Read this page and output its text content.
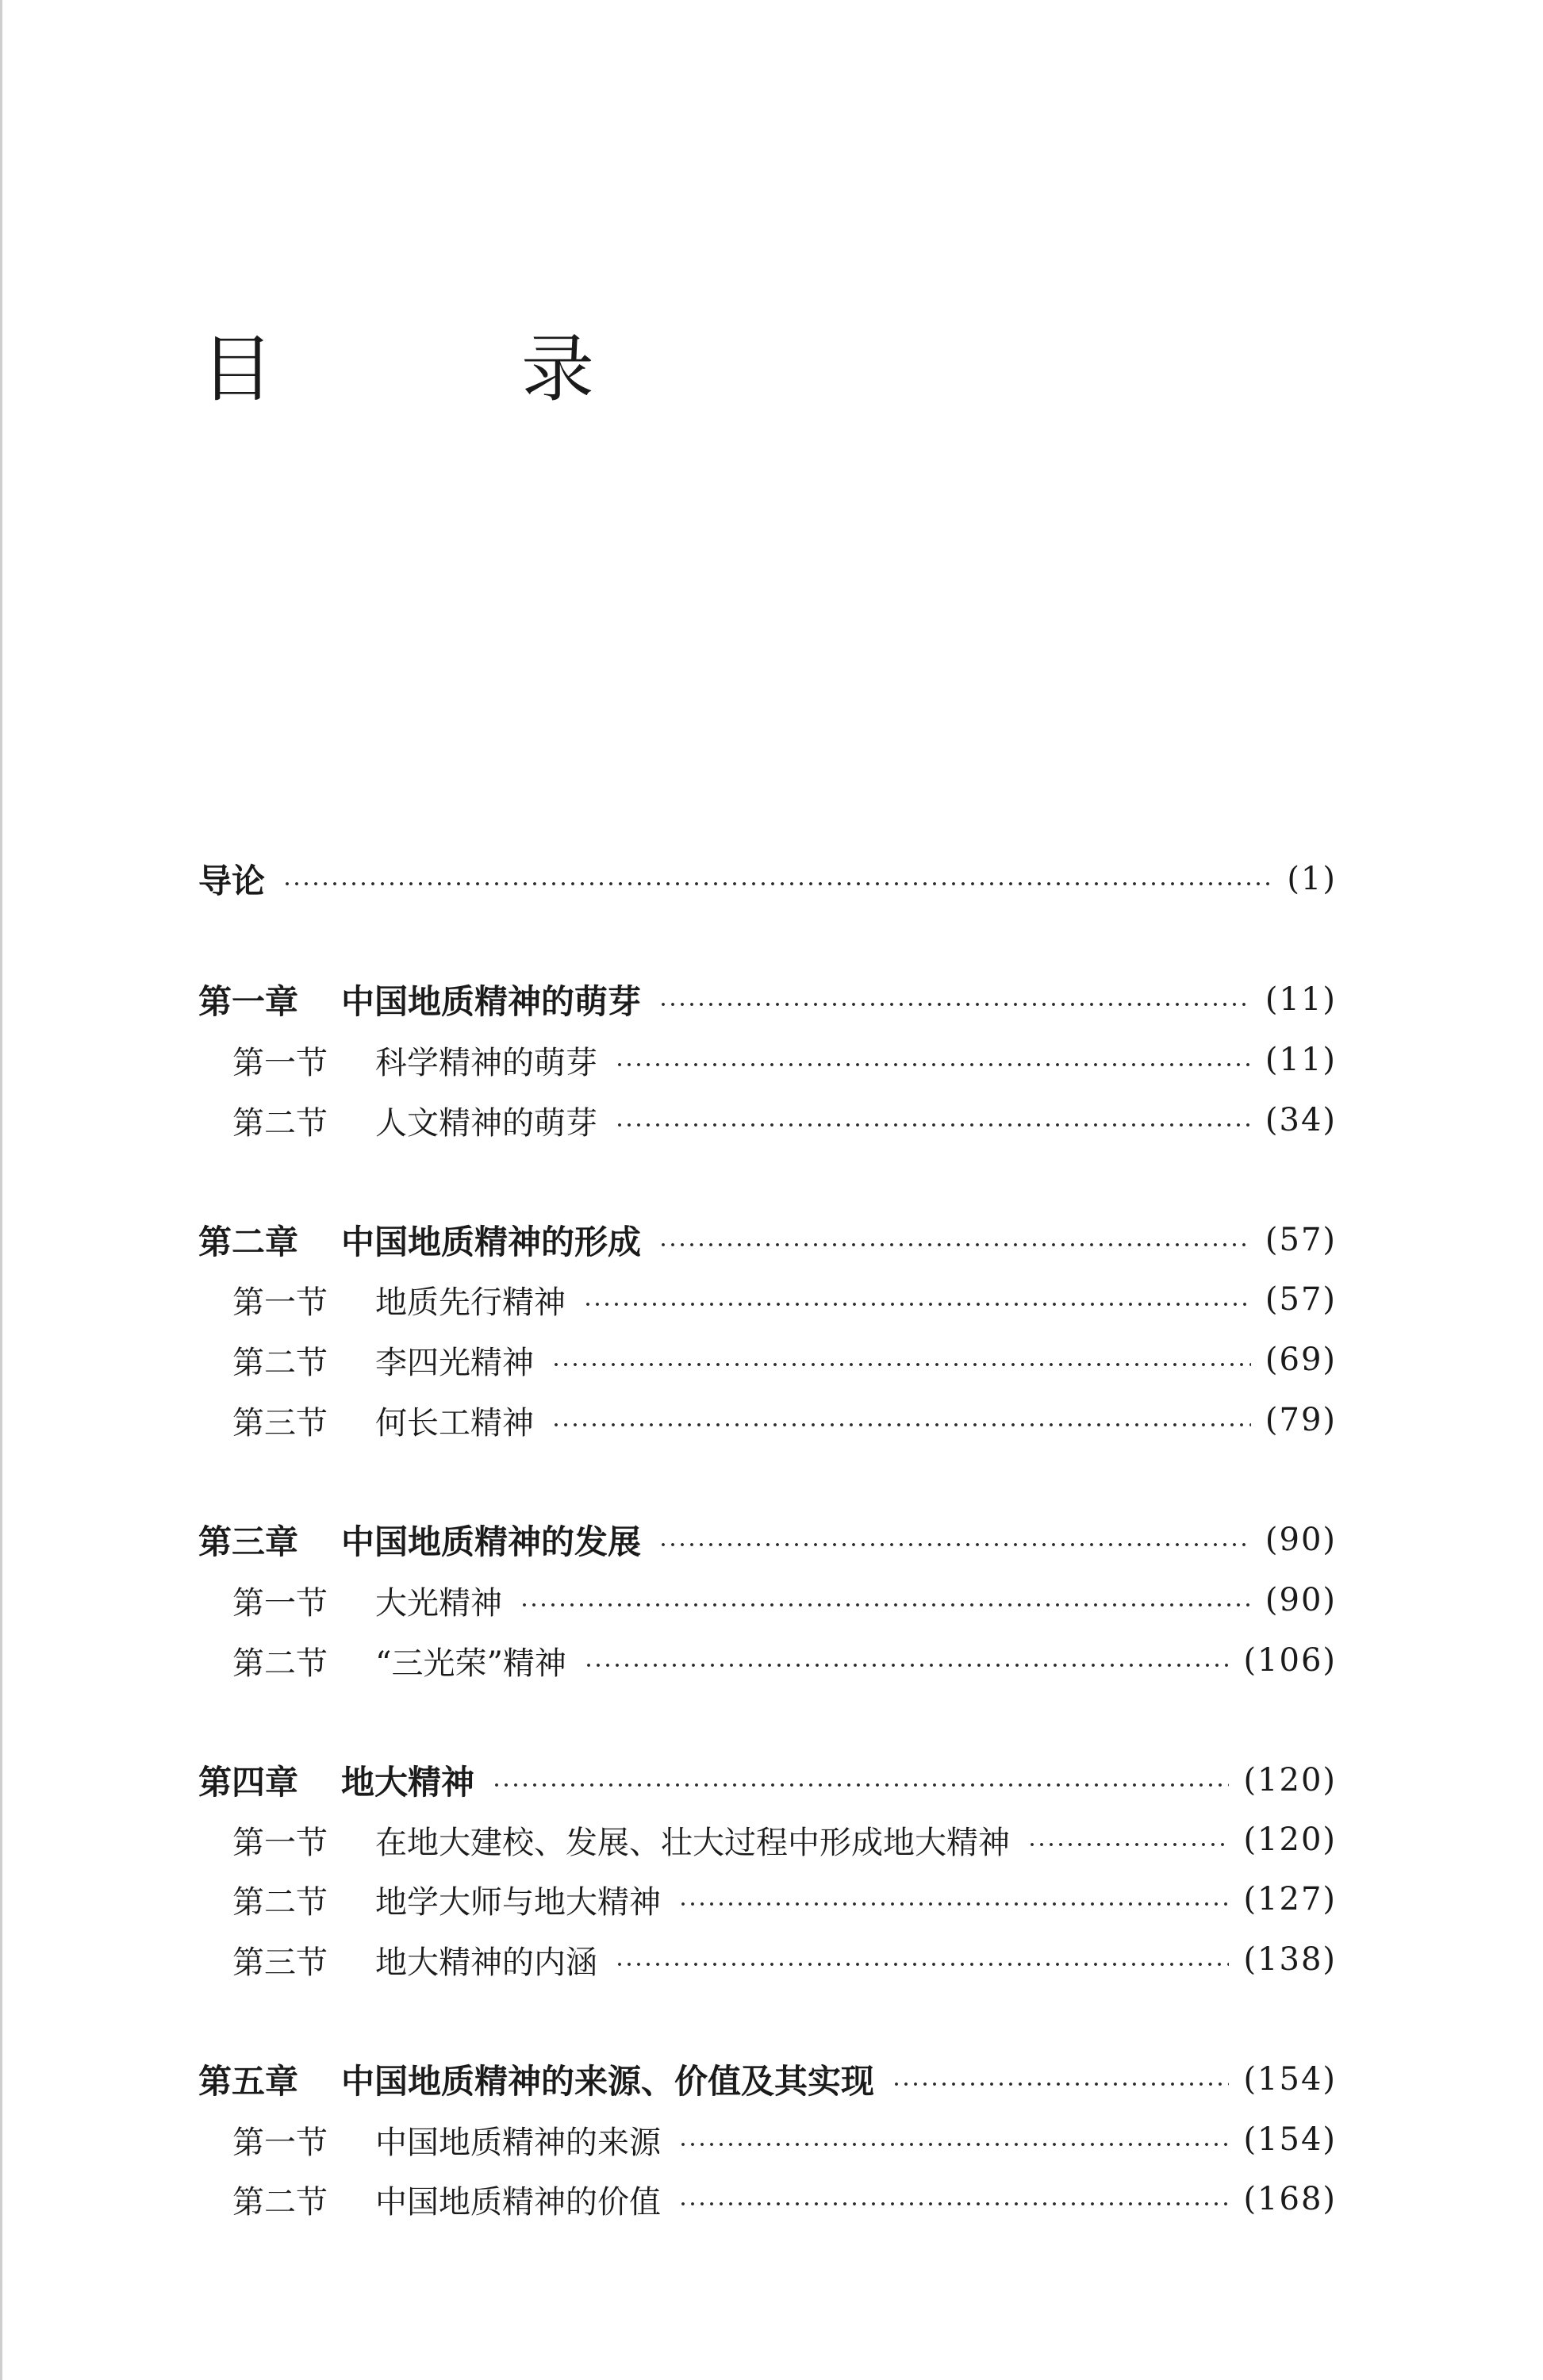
目　录
导论	(1)
第一章	中国地质精神的萌芽	(11)
第一节	科学精神的萌芽	(11)
第二节	人文精神的萌芽	(34)
第二章	中国地质精神的形成	(57)
第一节	地质先行精神	(57)
第二节	李四光精神	(69)
第三节	何长工精神	(79)
第三章	中国地质精神的发展	(90)
第一节	大光精神	(90)
第二节	“三光荣”精神	(106)
第四章	地大精神	(120)
第一节	在地大建校、发展、壮大过程中形成地大精神	(120)
第二节	地学大师与地大精神	(127)
第三节	地大精神的内涵	(138)
第五章	中国地质精神的来源、价值及其实现	(154)
第一节	中国地质精神的来源	(154)
第二节	中国地质精神的价值	(168)
